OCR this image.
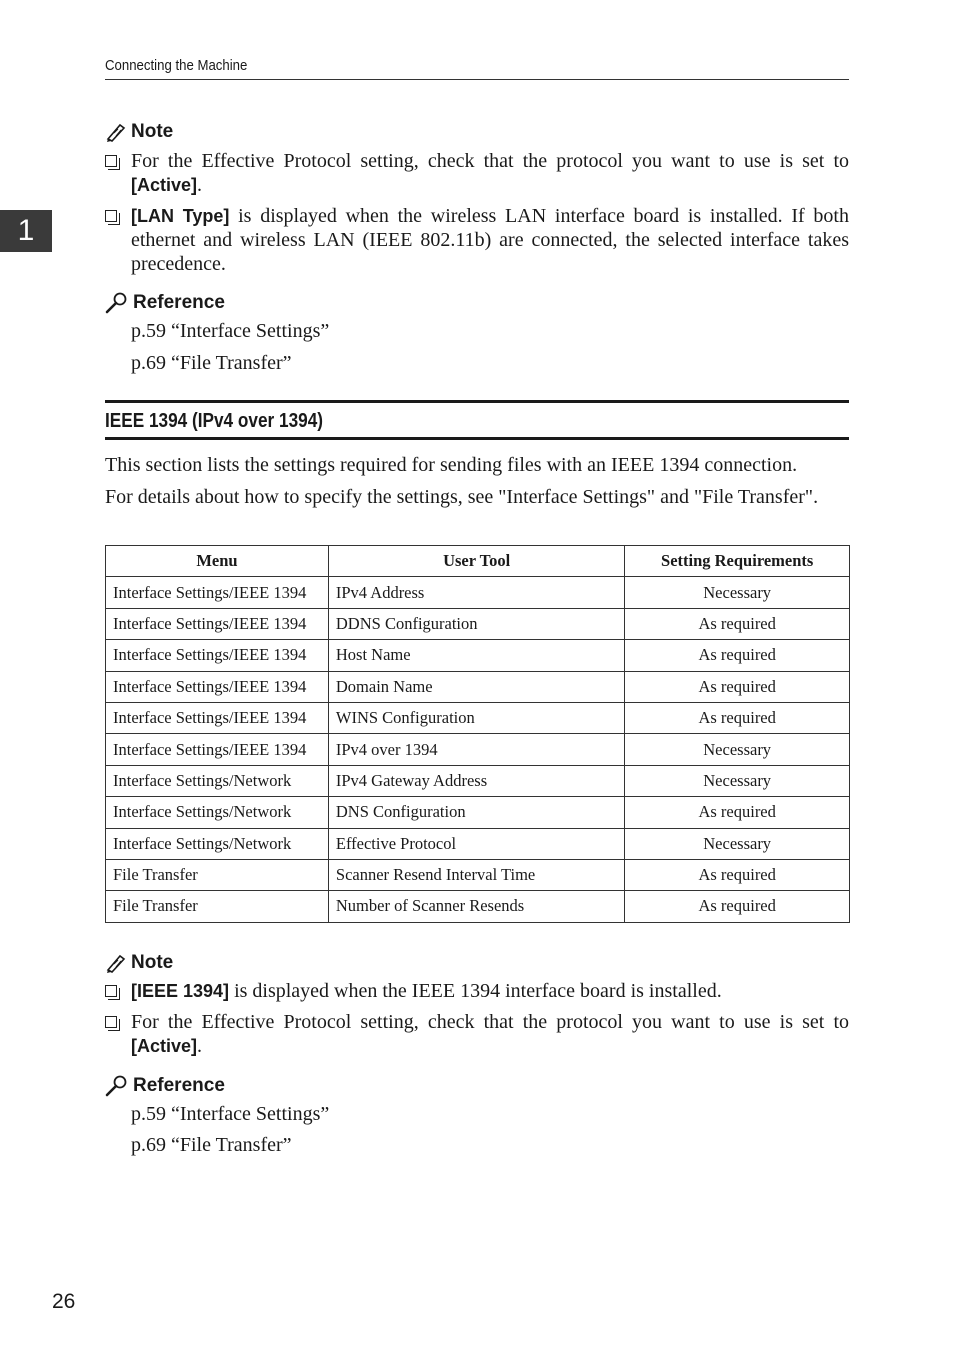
Connecting the Machine
1
Note
For the Effective Protocol setting, check that the protocol you want to use is set to [Active].
[LAN Type] is displayed when the wireless LAN interface board is installed. If both ethernet and wireless LAN (IEEE 802.11b) are connected, the selected interface takes precedence.
Reference
p.59 “Interface Settings”
p.69 “File Transfer”
IEEE 1394 (IPv4 over 1394)
This section lists the settings required for sending files with an IEEE 1394 connection.
For details about how to specify the settings, see "Interface Settings" and "File Transfer".
Menu	User Tool	Setting Requirements
Interface Settings/IEEE 1394	IPv4 Address	Necessary
Interface Settings/IEEE 1394	DDNS Configuration	As required
Interface Settings/IEEE 1394	Host Name	As required
Interface Settings/IEEE 1394	Domain Name	As required
Interface Settings/IEEE 1394	WINS Configuration	As required
Interface Settings/IEEE 1394	IPv4 over 1394	Necessary
Interface Settings/Network	IPv4 Gateway Address	Necessary
Interface Settings/Network	DNS Configuration	As required
Interface Settings/Network	Effective Protocol	Necessary
File Transfer	Scanner Resend Interval Time	As required
File Transfer	Number of Scanner Resends	As required
Note
[IEEE 1394] is displayed when the IEEE 1394 interface board is installed.
For the Effective Protocol setting, check that the protocol you want to use is set to [Active].
Reference
p.59 “Interface Settings”
p.69 “File Transfer”
26
